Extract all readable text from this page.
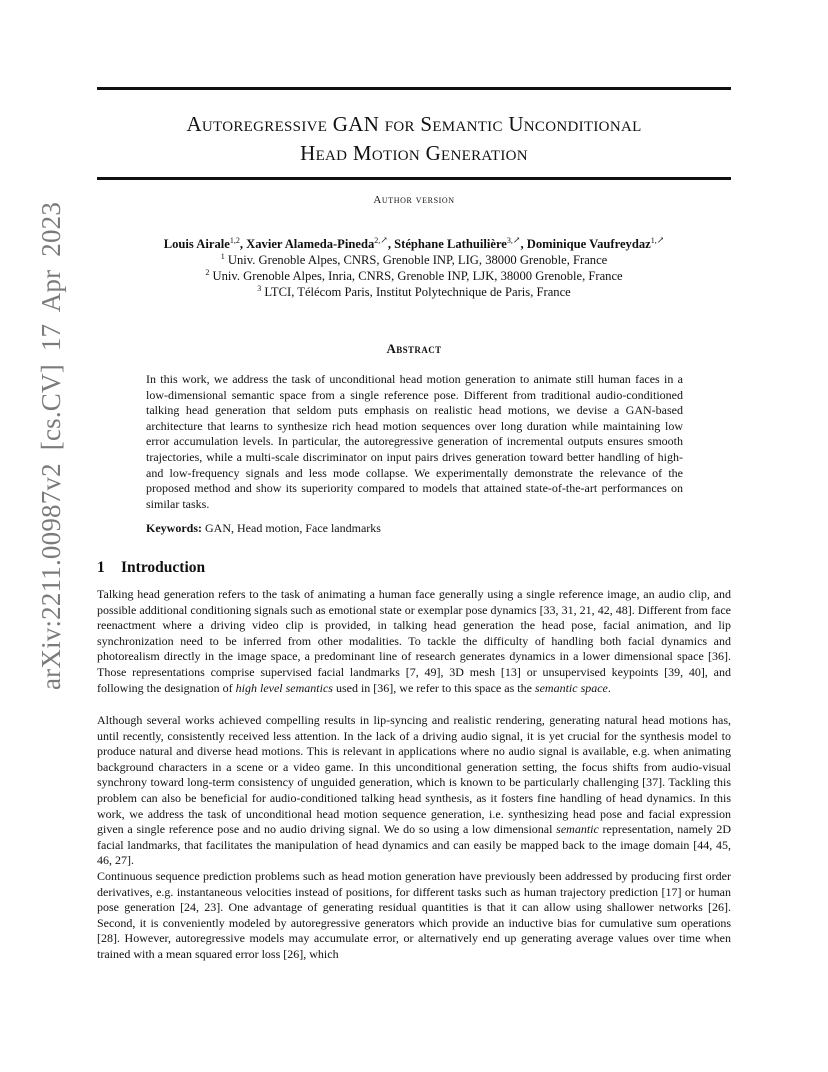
arXiv:2211.00987v2 [cs.CV] 17 Apr 2023
Autoregressive GAN for Semantic Unconditional
Head Motion Generation
Author version
Louis Airale$^{1,2}$, Xavier Alameda-Pineda$^{2,↗}$, Stéphane Lathuilière$^{3,↗}$, Dominique Vaufreydaz$^{1,↗}$
$^1$ Univ. Grenoble Alpes, CNRS, Grenoble INP, LIG, 38000 Grenoble, France
$^2$ Univ. Grenoble Alpes, Inria, CNRS, Grenoble INP, LJK, 38000 Grenoble, France
$^3$ LTCI, Télécom Paris, Institut Polytechnique de Paris, France
Abstract

In this work, we address the task of unconditional head motion generation to animate still human faces in a low-dimensional semantic space from a single reference pose. Different from traditional audio-conditioned talking head generation that seldom puts emphasis on realistic head motions, we devise a GAN-based architecture that learns to synthesize rich head motion sequences over long duration while maintaining low error accumulation levels. In particular, the autoregressive generation of incremental outputs ensures smooth trajectories, while a multi-scale discriminator on input pairs drives generation toward better handling of high- and low-frequency signals and less mode collapse. We experimentally demonstrate the relevance of the proposed method and show its superiority compared to models that attained state-of-the-art performances on similar tasks.

Keywords: GAN, Head motion, Face landmarks
1 Introduction

Talking head generation refers to the task of animating a human face generally using a single reference image, an audio clip, and possible additional conditioning signals such as emotional state or exemplar pose dynamics [33, 31, 21, 42, 48]. Different from face reenactment where a driving video clip is provided, in talking head generation the head pose, facial animation, and lip synchronization need to be inferred from other modalities. To tackle the difficulty of handling both facial dynamics and photorealism directly in the image space, a predominant line of research generates dynamics in a lower dimensional space [36]. Those representations comprise supervised facial landmarks [7, 49], 3D mesh [13] or unsupervised keypoints [39, 40], and following the designation of high level semantics used in [36], we refer to this space as the semantic space.

Although several works achieved compelling results in lip-syncing and realistic rendering, generating natural head motions has, until recently, consistently received less attention. In the lack of a driving audio signal, it is yet crucial for the synthesis model to produce natural and diverse head motions. This is relevant in applications where no audio signal is available, e.g. when animating background characters in a scene or a video game. In this unconditional generation setting, the focus shifts from audio-visual synchrony toward long-term consistency of unguided generation, which is known to be particularly challenging [37]. Tackling this problem can also be beneficial for audio-conditioned talking head synthesis, as it fosters fine handling of head dynamics. In this work, we address the task of unconditional head motion sequence generation, i.e. synthesizing head pose and facial expression given a single reference pose and no audio driving signal. We do so using a low dimensional semantic representation, namely 2D facial landmarks, that facilitates the manipulation of head dynamics and can easily be mapped back to the image domain [44, 45, 46, 27].

Continuous sequence prediction problems such as head motion generation have previously been addressed by producing first order derivatives, e.g. instantaneous velocities instead of positions, for different tasks such as human trajectory prediction [17] or human pose generation [24, 23]. One advantage of generating residual quantities is that it can allow using shallower networks [26]. Second, it is conveniently modeled by autoregressive generators which provide an inductive bias for cumulative sum operations [28]. However, autoregressive models may accumulate error, or alternatively end up generating average values over time when trained with a mean squared error loss [26], which
